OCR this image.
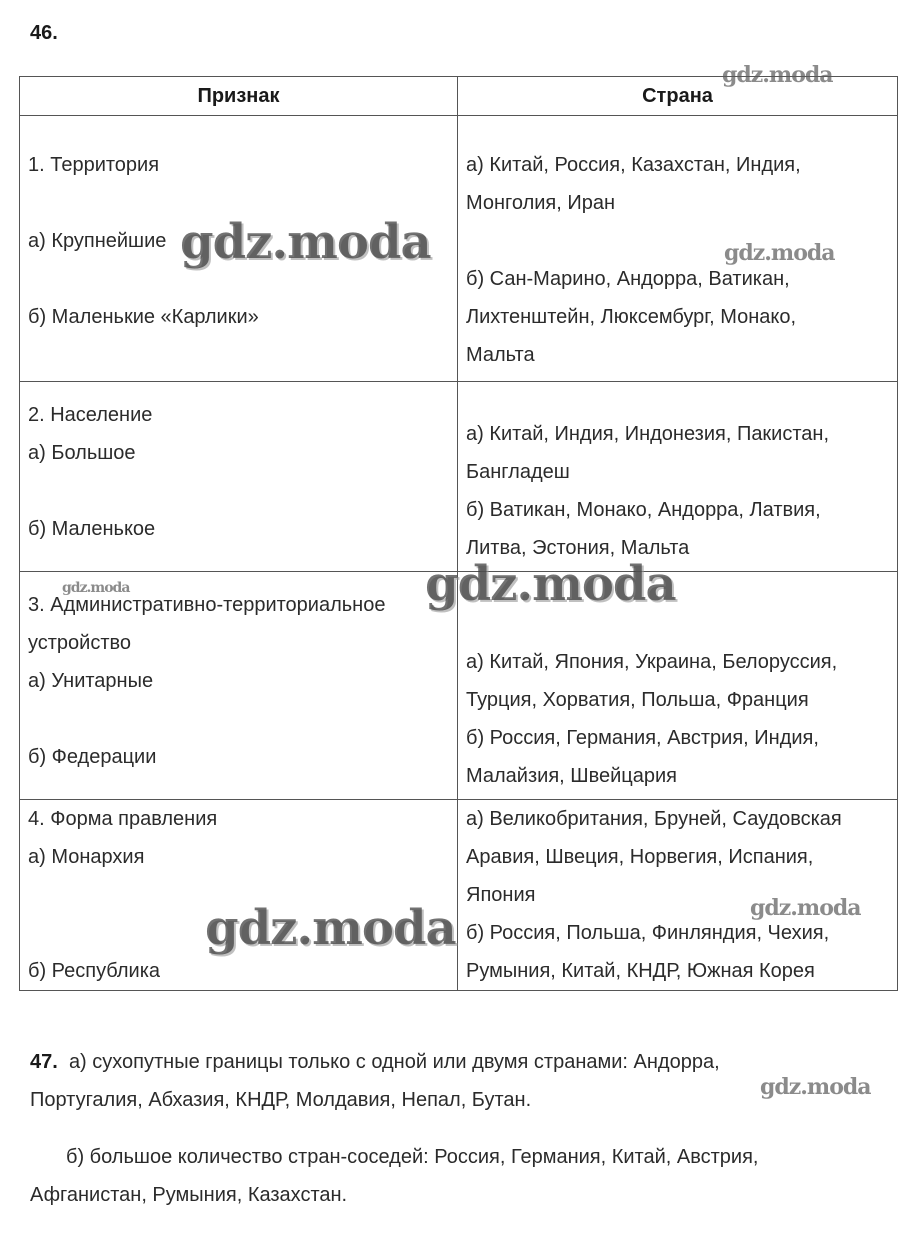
46.
Признак	Страна

1. Территория
а) Крупнейшие
б) Маленькие «Карлики»	а) Китай, Россия, Казахстан, Индия,
Монголия, Иран
б) Сан-Марино, Андорра, Ватикан,
Лихтенштейн, Люксембург, Монако,
Мальта

2. Население
а) Большое
б) Маленькое	а) Китай, Индия, Индонезия, Пакистан,
Бангладеш
б) Ватикан, Монако, Андорра, Латвия,
Литва, Эстония, Мальта

3. Административно-территориальное
устройство
а) Унитарные
б) Федерации	а) Китай, Япония, Украина, Белоруссия,
Турция, Хорватия, Польша, Франция
б) Россия, Германия, Австрия, Индия,
Малайзия, Швейцария

4. Форма правления
а) Монархия
б) Республика	а) Великобритания, Бруней, Саудовская
Аравия, Швеция, Норвегия, Испания,
Япония
б) Россия, Польша, Финляндия, Чехия,
Румыния, Китай, КНДР, Южная Корея
47. а) сухопутные границы только с одной или двумя странами: Андорра,
Португалия, Абхазия, КНДР, Молдавия, Непал, Бутан.
б) большое количество стран-соседей: Россия, Германия, Китай, Австрия,
Афганистан, Румыния, Казахстан.
gdz.moda
gdz.moda	gdz.moda
gdz.moda	gdz.moda
gdz.moda
gdz.moda
gdz.moda
